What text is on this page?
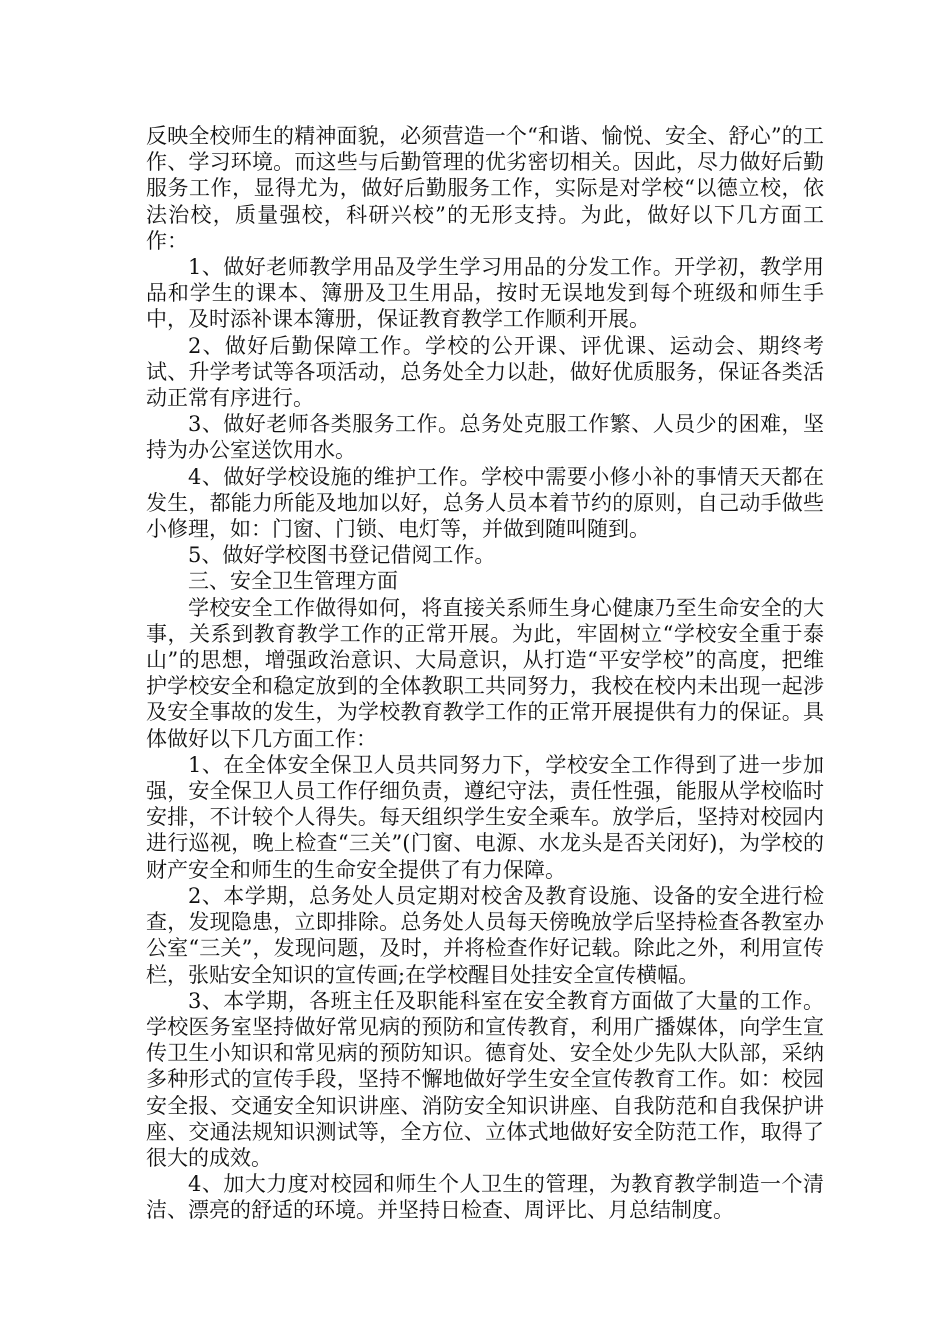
反映全校师生的精神面貌，必须营造一个“和谐、愉悦、安全、舒心”的工作、学习环境。而这些与后勤管理的优劣密切相关。因此，尽力做好后勤服务工作，显得尤为，做好后勤服务工作，实际是对学校“以德立校，依法治校，质量强校，科研兴校”的无形支持。为此，做好以下几方面工作：

1、做好老师教学用品及学生学习用品的分发工作。开学初，教学用品和学生的课本、簿册及卫生用品，按时无误地发到每个班级和师生手中，及时添补课本簿册，保证教育教学工作顺利开展。

2、做好后勤保障工作。学校的公开课、评优课、运动会、期终考试、升学考试等各项活动，总务处全力以赴，做好优质服务，保证各类活动正常有序进行。

3、做好老师各类服务工作。总务处克服工作繁、人员少的困难，坚持为办公室送饮用水。

4、做好学校设施的维护工作。学校中需要小修小补的事情天天都在发生，都能力所能及地加以好，总务人员本着节约的原则，自己动手做些小修理，如：门窗、门锁、电灯等，并做到随叫随到。

5、做好学校图书登记借阅工作。

三、安全卫生管理方面

学校安全工作做得如何，将直接关系师生身心健康乃至生命安全的大事，关系到教育教学工作的正常开展。为此，牢固树立“学校安全重于泰山”的思想，增强政治意识、大局意识，从打造“平安学校”的高度，把维护学校安全和稳定放到的全体教职工共同努力，我校在校内未出现一起涉及安全事故的发生，为学校教育教学工作的正常开展提供有力的保证。具体做好以下几方面工作：

1、在全体安全保卫人员共同努力下，学校安全工作得到了进一步加强，安全保卫人员工作仔细负责，遵纪守法，责任性强，能服从学校临时安排，不计较个人得失。每天组织学生安全乘车。放学后，坚持对校园内进行巡视，晚上检查“三关”(门窗、电源、水龙头是否关闭好)，为学校的财产安全和师生的生命安全提供了有力保障。

2、本学期，总务处人员定期对校舍及教育设施、设备的安全进行检查，发现隐患，立即排除。总务处人员每天傍晚放学后坚持检查各教室办公室“三关”，发现问题，及时，并将检查作好记载。除此之外，利用宣传栏，张贴安全知识的宣传画;在学校醒目处挂安全宣传横幅。

3、本学期，各班主任及职能科室在安全教育方面做了大量的工作。学校医务室坚持做好常见病的预防和宣传教育，利用广播媒体，向学生宣传卫生小知识和常见病的预防知识。德育处、安全处少先队大队部，采纳多种形式的宣传手段，坚持不懈地做好学生安全宣传教育工作。如：校园安全报、交通安全知识讲座、消防安全知识讲座、自我防范和自我保护讲座、交通法规知识测试等，全方位、立体式地做好安全防范工作，取得了很大的成效。

4、加大力度对校园和师生个人卫生的管理，为教育教学制造一个清洁、漂亮的舒适的环境。并坚持日检查、周评比、月总结制度。
